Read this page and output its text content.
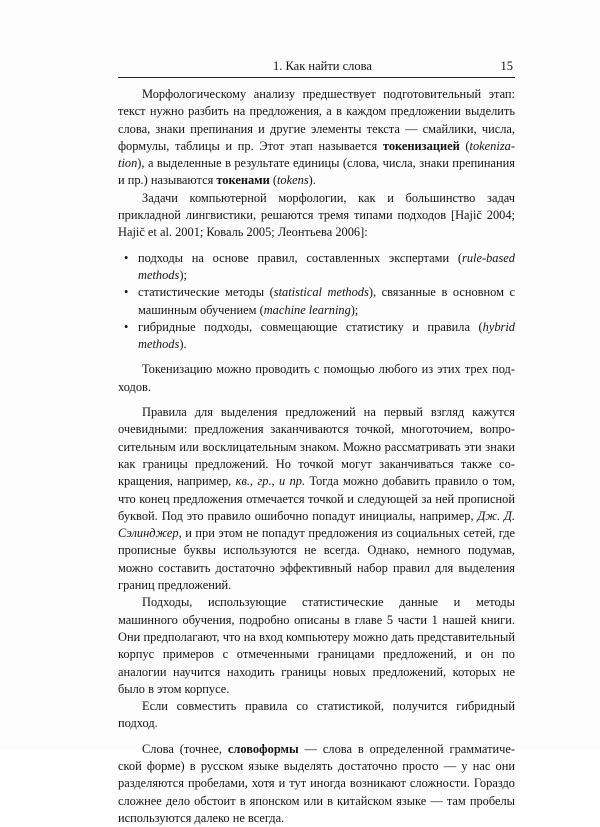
1. Как найти слова	15

Морфологическому анализу предшествует подготовительный этап: текст нужно разбить на предложения, а в каждом предложении выделить слова, знаки препинания и другие элементы текста — смайлики, числа, формулы, таблицы и пр. Этот этап называется токенизацией (tokenization), а выделенные в результате единицы (слова, числа, знаки препинания и пр.) называются токенами (tokens).

Задачи компьютерной морфологии, как и большинство задач прикладной лингвистики, решаются тремя типами подходов [Hajič 2004; Hajič et al. 2001; Коваль 2005; Леонтьева 2006]:

• подходы на основе правил, составленных экспертами (rule-based methods);
• статистические методы (statistical methods), связанные в основном с машинным обучением (machine learning);
• гибридные подходы, совмещающие статистику и правила (hybrid methods).

Токенизацию можно проводить с помощью любого из этих трех подходов.

Правила для выделения предложений на первый взгляд кажутся очевидными: предложения заканчиваются точкой, многоточием, вопросительным или восклицательным знаком. Можно рассматривать эти знаки как границы предложений. Но точкой могут заканчиваться также сокращения, например, кв., гр., и пр. Тогда можно добавить правило о том, что конец предложения отмечается точкой и следующей за ней прописной буквой. Под это правило ошибочно попадут инициалы, например, Дж. Д. Сэлинджер, и при этом не попадут предложения из социальных сетей, где прописные буквы используются не всегда. Однако, немного подумав, можно составить достаточно эффективный набор правил для выделения границ предложений.

Подходы, использующие статистические данные и методы машинного обучения, подробно описаны в главе 5 части 1 нашей книги. Они предполагают, что на вход компьютеру можно дать представительный корпус примеров с отмеченными границами предложений, и он по аналогии научится находить границы новых предложений, которых не было в этом корпусе.

Если совместить правила со статистикой, получится гибридный подход.

Слова (точнее, словоформы — слова в определенной грамматической форме) в русском языке выделять достаточно просто — у нас они разделяются пробелами, хотя и тут иногда возникают сложности. Гораздо сложнее дело обстоит в японском или в китайском языке — там пробелы используются далеко не всегда.
